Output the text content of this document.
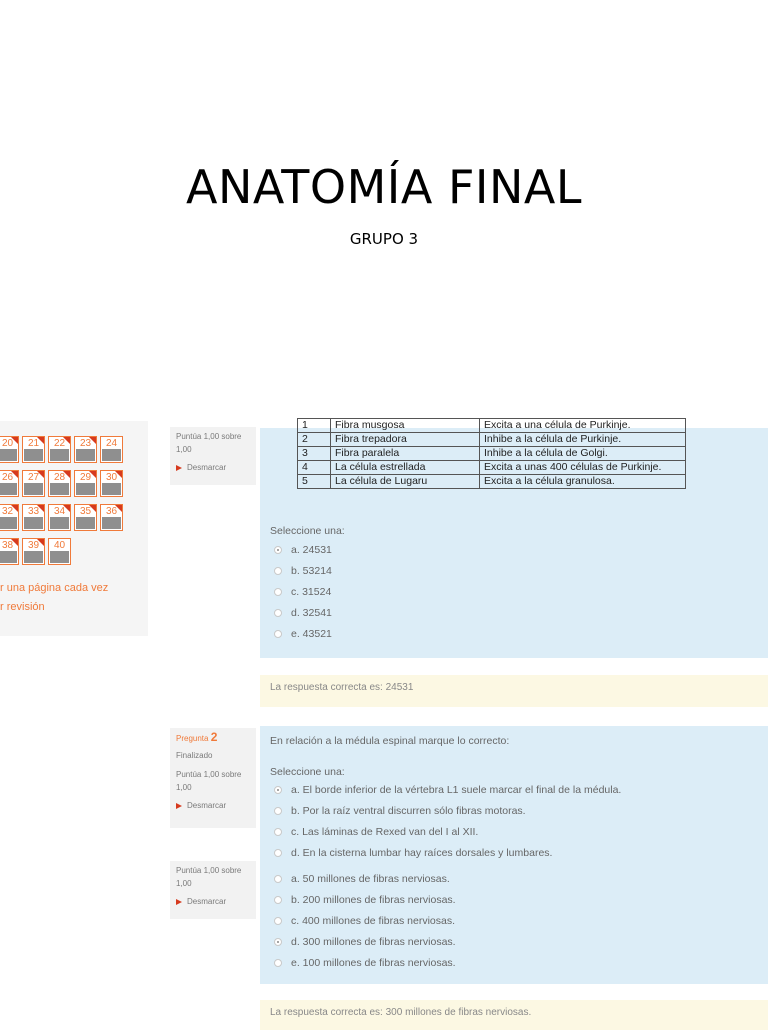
ANATOMÍA FINAL
GRUPO 3
20	21	22	23	24
26	27	28	29	30
32	33	34	35	36
38	39	40
r una página cada vez
r revisión
Puntúa 1,00 sobre 1,00
Desmarcar
1	Fibra musgosa	Excita a una célula de Purkinje.
2	Fibra trepadora	Inhibe a la célula de Purkinje.
3	Fibra paralela	Inhibe a la célula de Golgi.
4	La célula estrellada	Excita a unas 400 células de Purkinje.
5	La célula de Lugaru	Excita a la célula granulosa.
Seleccione una:
a. 24531
b. 53214
c. 31524
d. 32541
e. 43521
La respuesta correcta es: 24531
Pregunta 2
Finalizado
Puntúa 1,00 sobre 1,00
Desmarcar
En relación a la médula espinal marque lo correcto:
Seleccione una:
a. El borde inferior de la vértebra L1 suele marcar el final de la médula.
b. Por la raíz ventral discurren sólo fibras motoras.
c. Las láminas de Rexed van del I al XII.
d. En la cisterna lumbar hay raíces dorsales y lumbares.
Puntúa 1,00 sobre 1,00
Desmarcar
a. 50 millones de fibras nerviosas.
b. 200 millones de fibras nerviosas.
c. 400 millones de fibras nerviosas.
d. 300 millones de fibras nerviosas.
e. 100 millones de fibras nerviosas.
La respuesta correcta es: 300 millones de fibras nerviosas.
